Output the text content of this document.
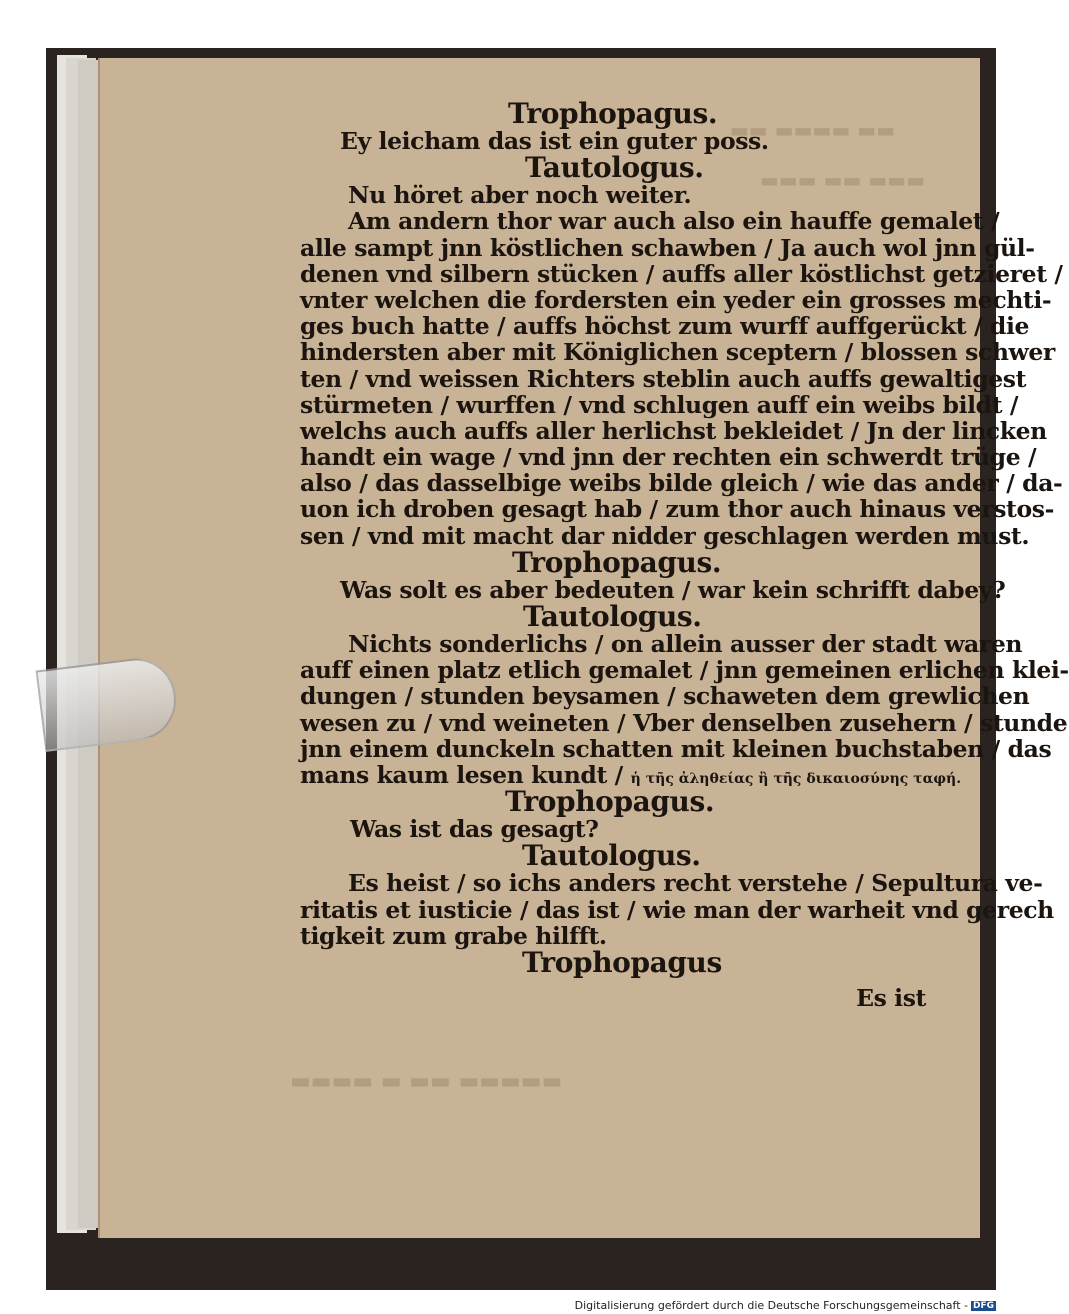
▬▬ ▬▬▬▬ ▬▬
▬▬▬ ▬▬ ▬▬▬
▬▬▬▬ ▬ ▬▬ ▬▬▬▬▬
Trophopagus.
Ey leicham das ist ein guter poss.
Tautologus.
Nu höret aber noch weiter.
Am andern thor war auch also ein hauffe gemalet /
alle sampt jnn köstlichen schawben / Ja auch wol jnn gül-
denen vnd silbern stücken / auffs aller köstlichst getzieret /
vnter welchen die fordersten ein yeder ein grosses mechti-
ges buch hatte / auffs höchst zum wurff auffgerückt / die
hindersten aber mit Königlichen sceptern / blossen schwer
ten / vnd weissen Richters steblin auch auffs gewaltigest
stürmeten / wurffen / vnd schlugen auff ein weibs bildt /
welchs auch auffs aller herlichst bekleidet / Jn der lincken
handt ein wage / vnd jnn der rechten ein schwerdt trüge /
also / das dasselbige weibs bilde gleich / wie das ander / da-
uon ich droben gesagt hab / zum thor auch hinaus verstos-
sen / vnd mit macht dar nidder geschlagen werden must.
Trophopagus.
Was solt es aber bedeuten / war kein schrifft dabey?
Tautologus.
Nichts sonderlichs / on allein ausser der stadt waren
auff einen platz etlich gemalet / jnn gemeinen erlichen klei-
dungen / stunden beysamen / schaweten dem grewlichen
wesen zu / vnd weineten / Vber denselben zusehern / stunde
jnn einem dunckeln schatten mit kleinen buchstaben / das
mans kaum lesen kundt / ἡ τῆς ἀληθείας ἢ τῆς δικαιοσύνης ταφή.
Trophopagus.
Was ist das gesagt?
Tautologus.
Es heist / so ichs anders recht verstehe / Sepultura ve-
ritatis et iusticie / das ist / wie man der warheit vnd gerech
tigkeit zum grabe hilfft.
Trophopagus
Es ist
Digitalisierung gefördert durch die Deutsche Forschungsgemeinschaft - DFG
